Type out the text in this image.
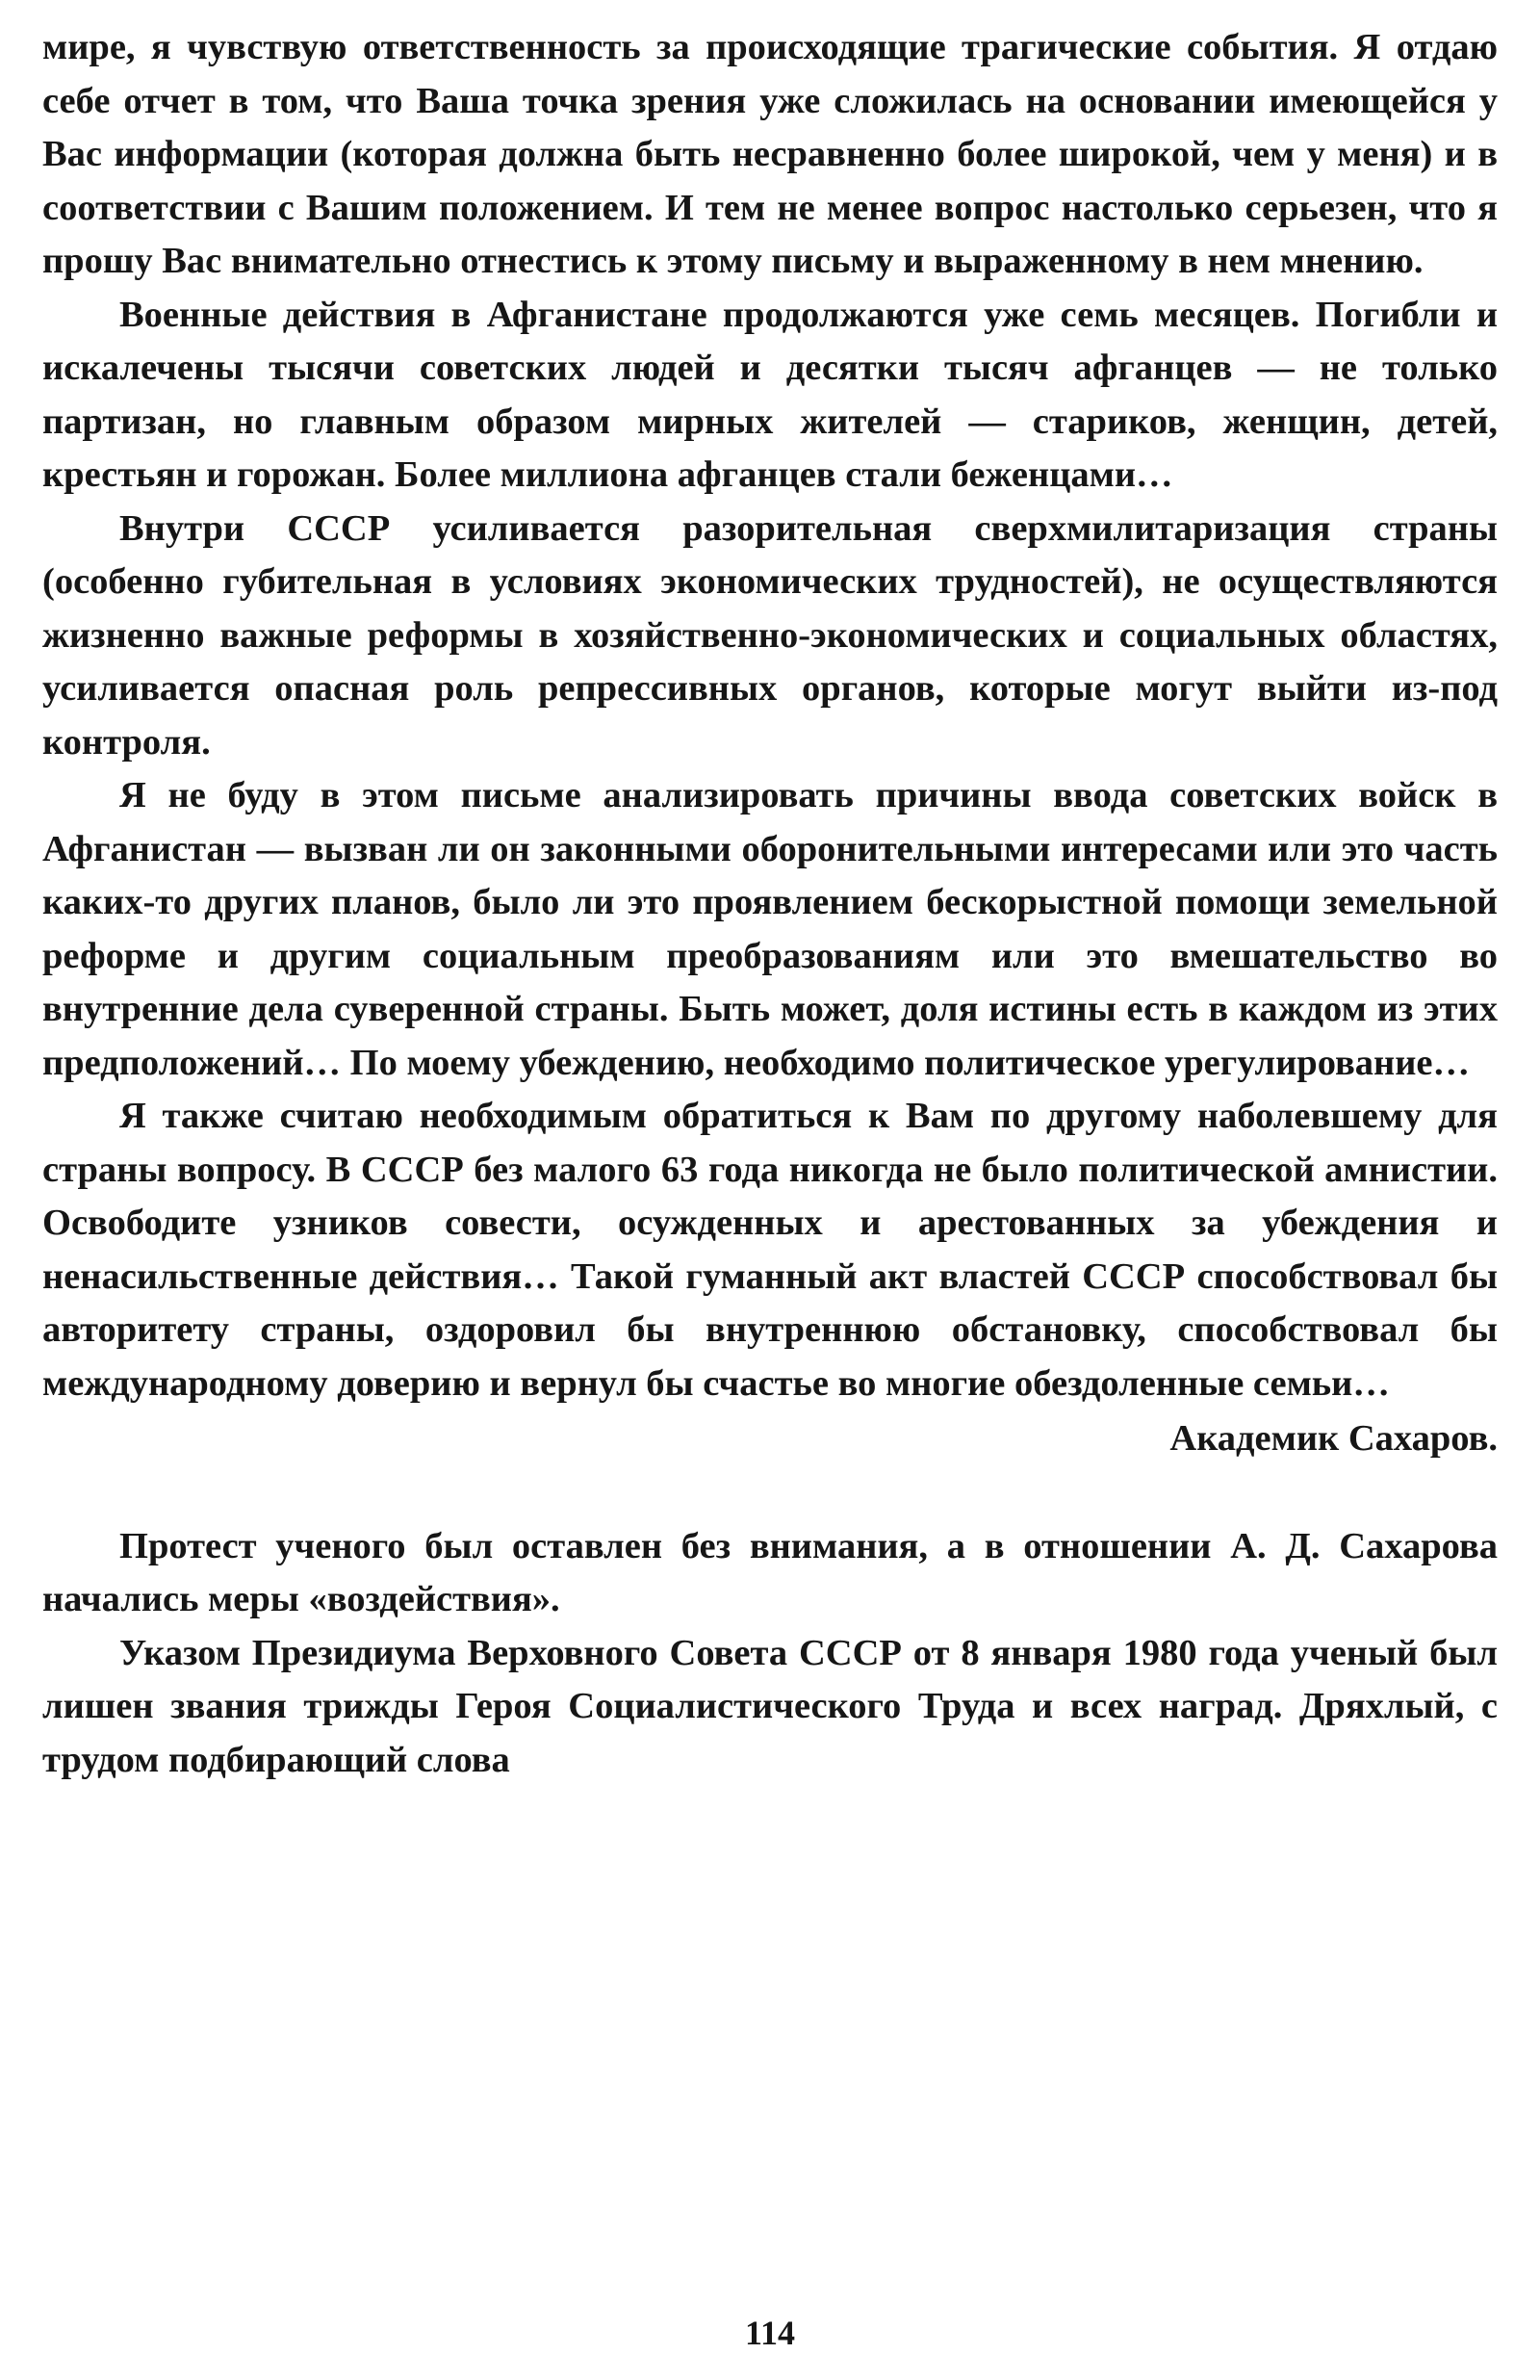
мире, я чувствую ответственность за происходящие трагические события. Я отдаю себе отчет в том, что Ваша точка зрения уже сложилась на основании имеющейся у Вас информации (которая должна быть несравненно более широкой, чем у меня) и в соответствии с Вашим положением. И тем не менее вопрос настолько серьезен, что я прошу Вас внимательно отнестись к этому письму и выраженному в нем мнению.

Военные действия в Афганистане продолжаются уже семь месяцев. Погибли и искалечены тысячи советских людей и десятки тысяч афганцев — не только партизан, но главным образом мирных жителей — стариков, женщин, детей, крестьян и горожан. Более миллиона афганцев стали беженцами…

Внутри СССР усиливается разорительная сверхмилитаризация страны (особенно губительная в условиях экономических трудностей), не осуществляются жизненно важные реформы в хозяйственно-экономических и социальных областях, усиливается опасная роль репрессивных органов, которые могут выйти из-под контроля.

Я не буду в этом письме анализировать причины ввода советских войск в Афганистан — вызван ли он законными оборонительными интересами или это часть каких-то других планов, было ли это проявлением бескорыстной помощи земельной реформе и другим социальным преобразованиям или это вмешательство во внутренние дела суверенной страны. Быть может, доля истины есть в каждом из этих предположений… По моему убеждению, необходимо политическое урегулирование…

Я также считаю необходимым обратиться к Вам по другому наболевшему для страны вопросу. В СССР без малого 63 года никогда не было политической амнистии. Освободите узников совести, осужденных и арестованных за убеждения и ненасильственные действия… Такой гуманный акт властей СССР способствовал бы авторитету страны, оздоровил бы внутреннюю обстановку, способствовал бы международному доверию и вернул бы счастье во многие обездоленные семьи…

Академик Сахаров.

Протест ученого был оставлен без внимания, а в отношении А. Д. Сахарова начались меры «воздействия».

Указом Президиума Верховного Совета СССР от 8 января 1980 года ученый был лишен звания трижды Героя Социалистического Труда и всех наград. Дряхлый, с трудом подбирающий слова

114
